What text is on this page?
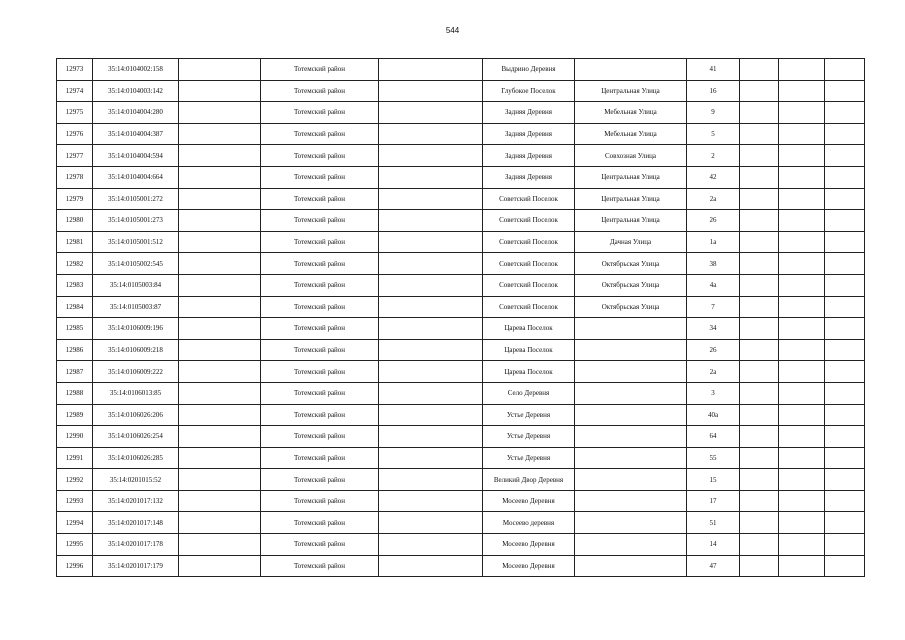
544
12973	35:14:0104002:158		Тотемский район		Выдрино Деревня		41			
12974	35:14:0104003:142		Тотемский район		Глубокое Поселок	Центральная Улица	16			
12975	35:14:0104004:280		Тотемский район		Задняя Деревня	Мебельная Улица	9			
12976	35:14:0104004:387		Тотемский район		Задняя Деревня	Мебельная Улица	5			
12977	35:14:0104004:594		Тотемский район		Задняя Деревня	Совхозная Улица	2			
12978	35:14:0104004:664		Тотемский район		Задняя Деревня	Центральная Улица	42			
12979	35:14:0105001:272		Тотемский район		Советский Поселок	Центральная Улица	2а			
12980	35:14:0105001:273		Тотемский район		Советский Поселок	Центральная Улица	26			
12981	35:14:0105001:512		Тотемский район		Советский Поселок	Дачная Улица	1а			
12982	35:14:0105002:545		Тотемский район		Советский Поселок	Октябрьская Улица	38			
12983	35:14:0105003:84		Тотемский район		Советский Поселок	Октябрьская Улица	4а			
12984	35:14:0105003:87		Тотемский район		Советский Поселок	Октябрьская Улица	7			
12985	35:14:0106009:196		Тотемский район		Царева Поселок		34			
12986	35:14:0106009:218		Тотемский район		Царева Поселок		26			
12987	35:14:0106009:222		Тотемский район		Царева Поселок		2а			
12988	35:14:0106013:85		Тотемский район		Село Деревня		3			
12989	35:14:0106026:206		Тотемский район		Устье Деревня		40а			
12990	35:14:0106026:254		Тотемский район		Устье Деревня		64			
12991	35:14:0106026:285		Тотемский район		Устье Деревня		55			
12992	35:14:0201015:52		Тотемский район		Великий Двор Деревня		15			
12993	35:14:0201017:132		Тотемский район		Мосеево Деревня		17			
12994	35:14:0201017:148		Тотемский район		Мосеево деревня		51			
12995	35:14:0201017:178		Тотемский район		Мосеево Деревня		14			
12996	35:14:0201017:179		Тотемский район		Мосеево Деревня		47			
